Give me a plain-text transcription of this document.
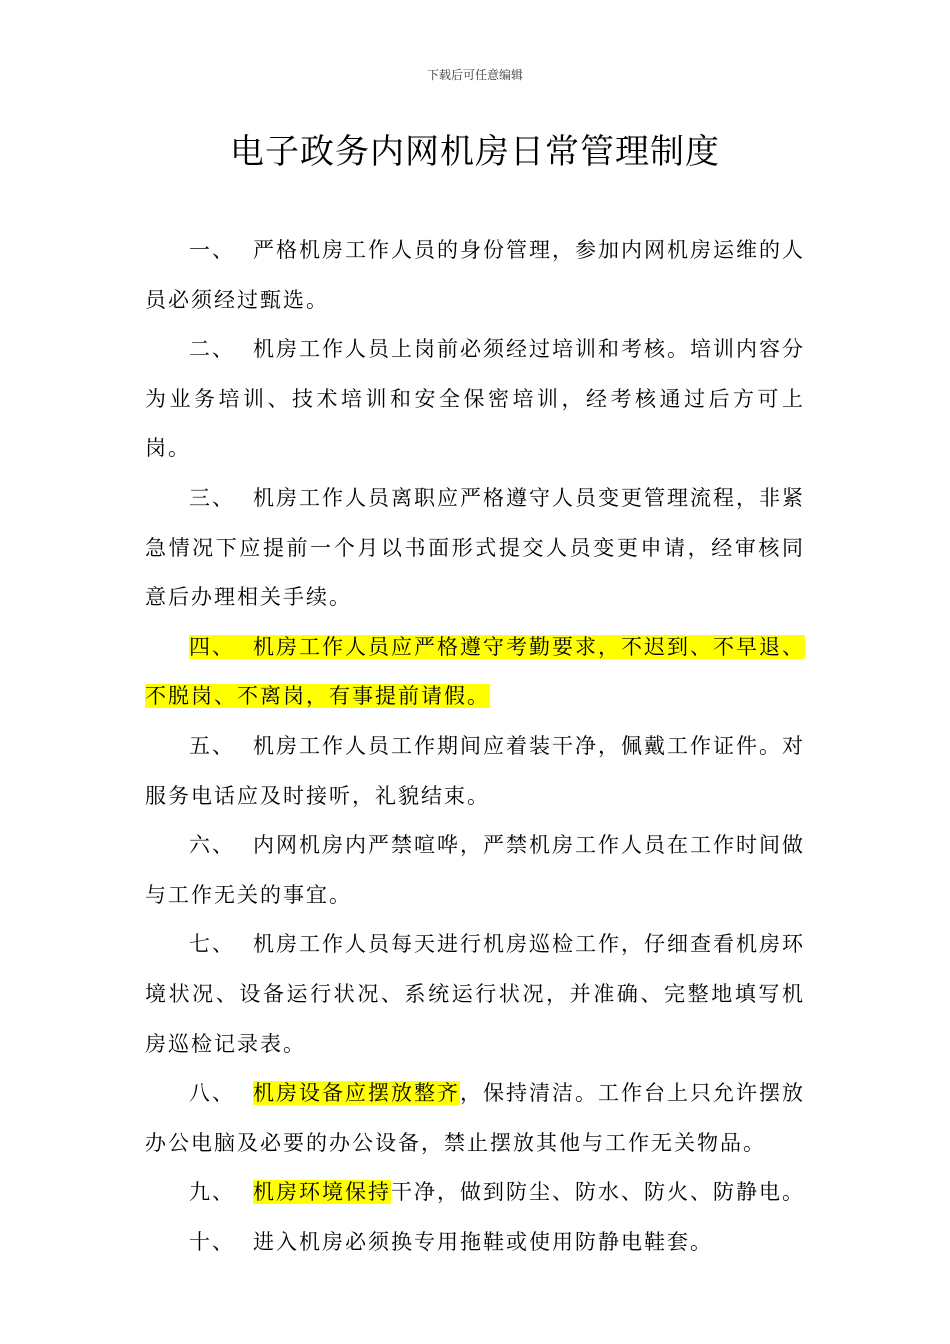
下载后可任意编辑
电子政务内网机房日常管理制度

一、 严格机房工作人员的身份管理，参加内网机房运维的人员必须经过甄选。

二、 机房工作人员上岗前必须经过培训和考核。培训内容分为业务培训、技术培训和安全保密培训，经考核通过后方可上岗。

三、 机房工作人员离职应严格遵守人员变更管理流程，非紧急情况下应提前一个月以书面形式提交人员变更申请，经审核同意后办理相关手续。

四、 机房工作人员应严格遵守考勤要求，不迟到、不早退、不脱岗、不离岗，有事提前请假。

五、 机房工作人员工作期间应着装干净，佩戴工作证件。对服务电话应及时接听，礼貌结束。

六、 内网机房内严禁喧哗，严禁机房工作人员在工作时间做与工作无关的事宜。

七、 机房工作人员每天进行机房巡检工作，仔细查看机房环境状况、设备运行状况、系统运行状况，并准确、完整地填写机房巡检记录表。

八、 机房设备应摆放整齐，保持清洁。工作台上只允许摆放办公电脑及必要的办公设备，禁止摆放其他与工作无关物品。

九、 机房环境保持干净，做到防尘、防水、防火、防静电。

十、 进入机房必须换专用拖鞋或使用防静电鞋套。
